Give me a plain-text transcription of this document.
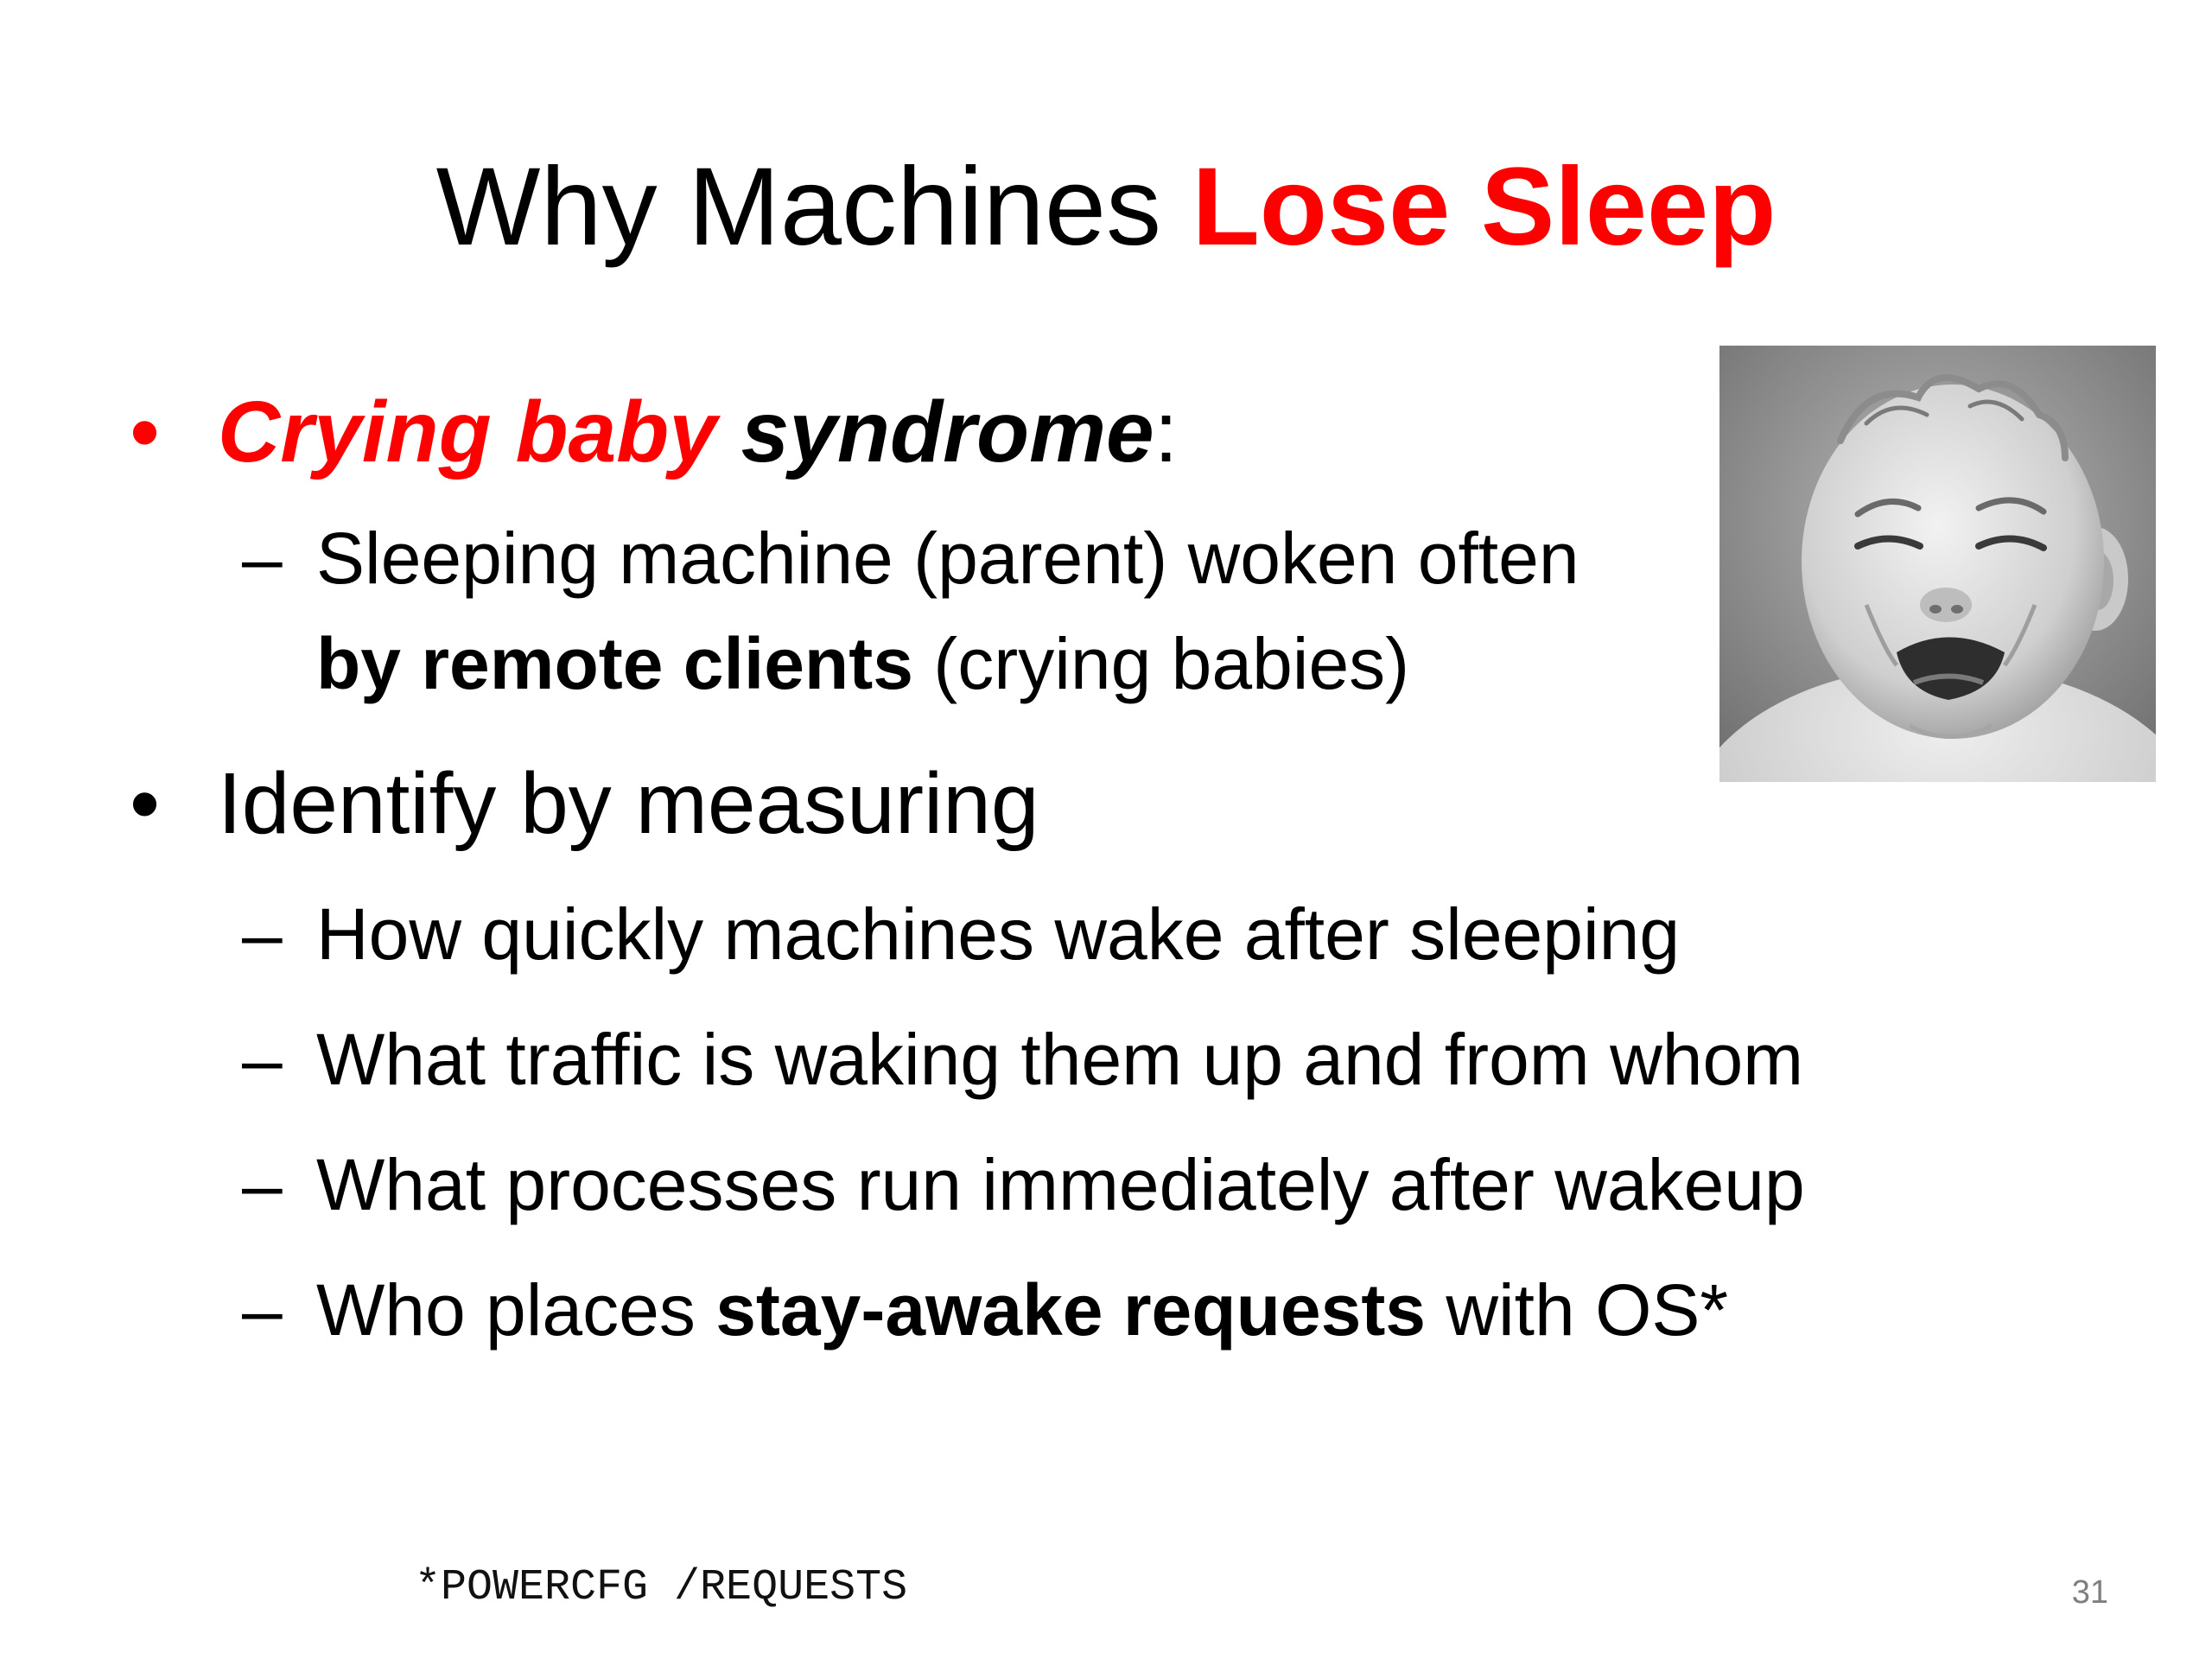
Why Machines Lose Sleep
• Crying baby syndrome:
– Sleeping machine (parent) woken often
by remote clients (crying babies)
• Identify by measuring
– How quickly machines wake after sleeping
– What traffic is waking them up and from whom
– What processes run immediately after wakeup
– Who places stay-awake requests with OS*
*POWERCFG /REQUESTS	31
